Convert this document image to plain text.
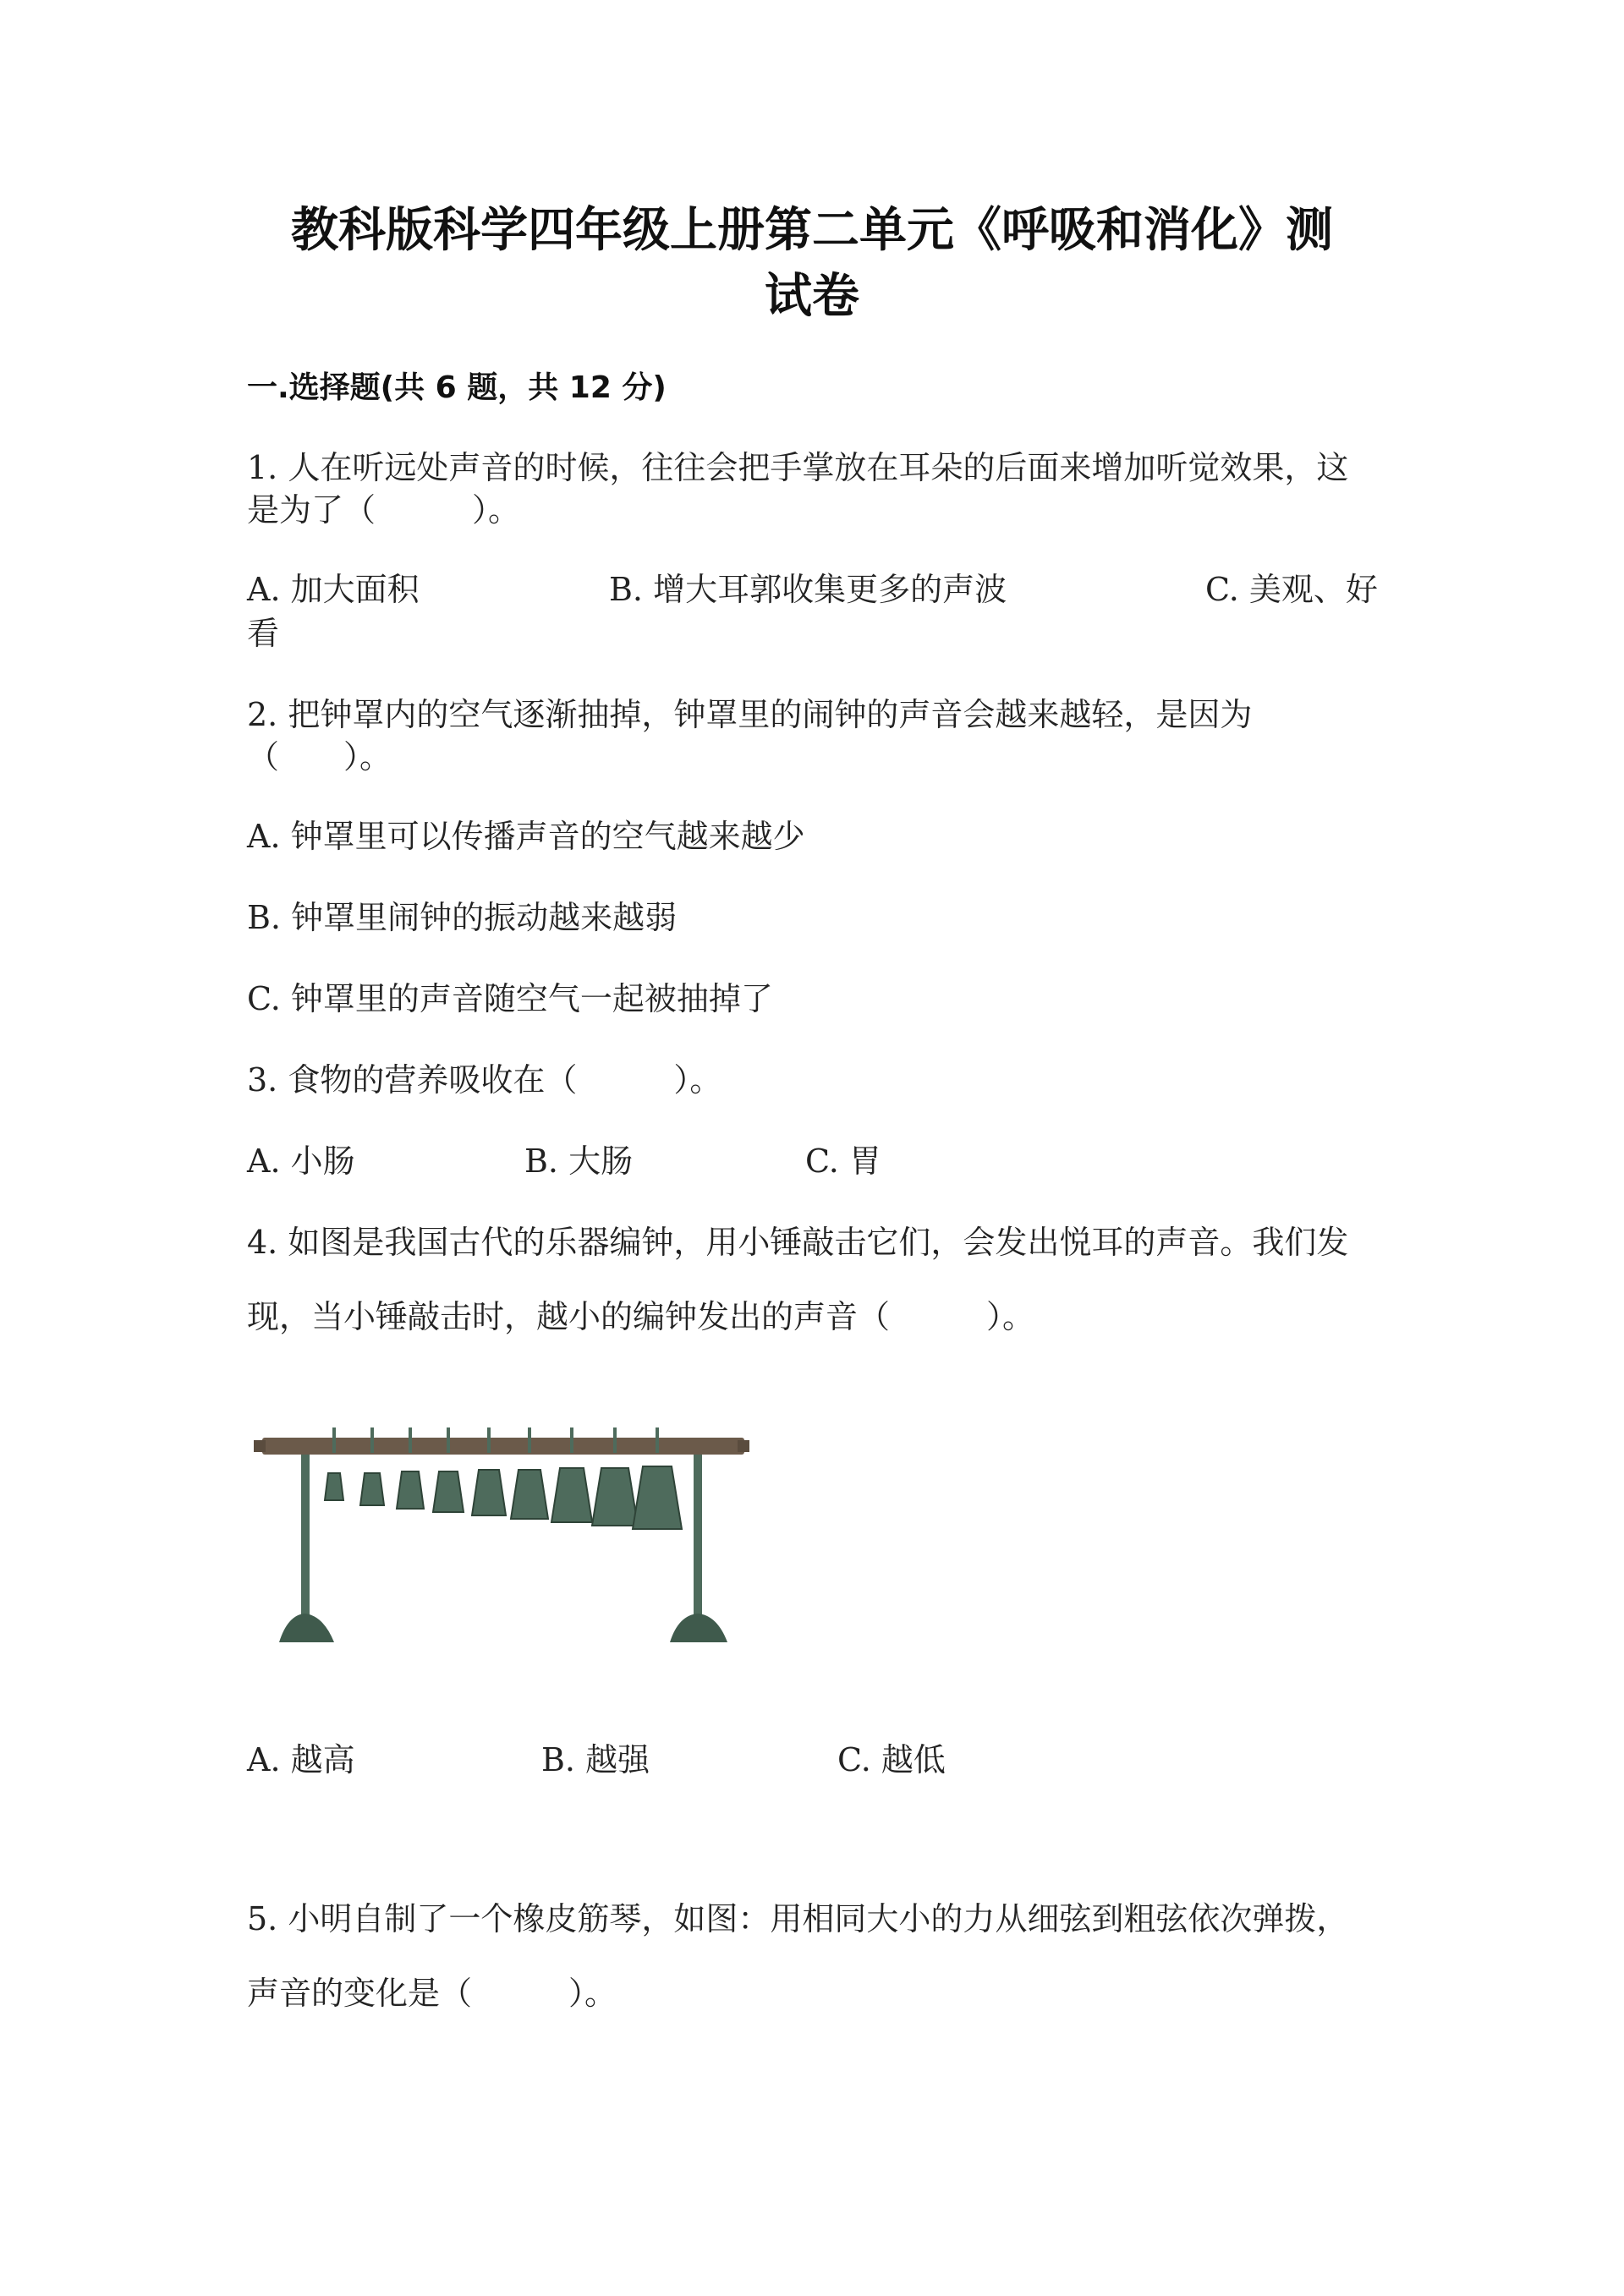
教科版科学四年级上册第二单元《呼吸和消化》测
试卷
一.选择题(共 6 题，共 12 分)
1. 人在听远处声音的时候，往往会把手掌放在耳朵的后面来增加听觉效果，这
是为了（　　　）。
A. 加大面积	B. 增大耳郭收集更多的声波	C. 美观、好
看
2. 把钟罩内的空气逐渐抽掉，钟罩里的闹钟的声音会越来越轻，是因为
（　　）。
A. 钟罩里可以传播声音的空气越来越少
B. 钟罩里闹钟的振动越来越弱
C. 钟罩里的声音随空气一起被抽掉了
3. 食物的营养吸收在（　　　）。
A. 小肠	B. 大肠	C. 胃
4. 如图是我国古代的乐器编钟，用小锤敲击它们，会发出悦耳的声音。我们发
现，当小锤敲击时，越小的编钟发出的声音（　　　）。
A. 越高	B. 越强	C. 越低
5. 小明自制了一个橡皮筋琴，如图：用相同大小的力从细弦到粗弦依次弹拨，
声音的变化是（　　　）。
